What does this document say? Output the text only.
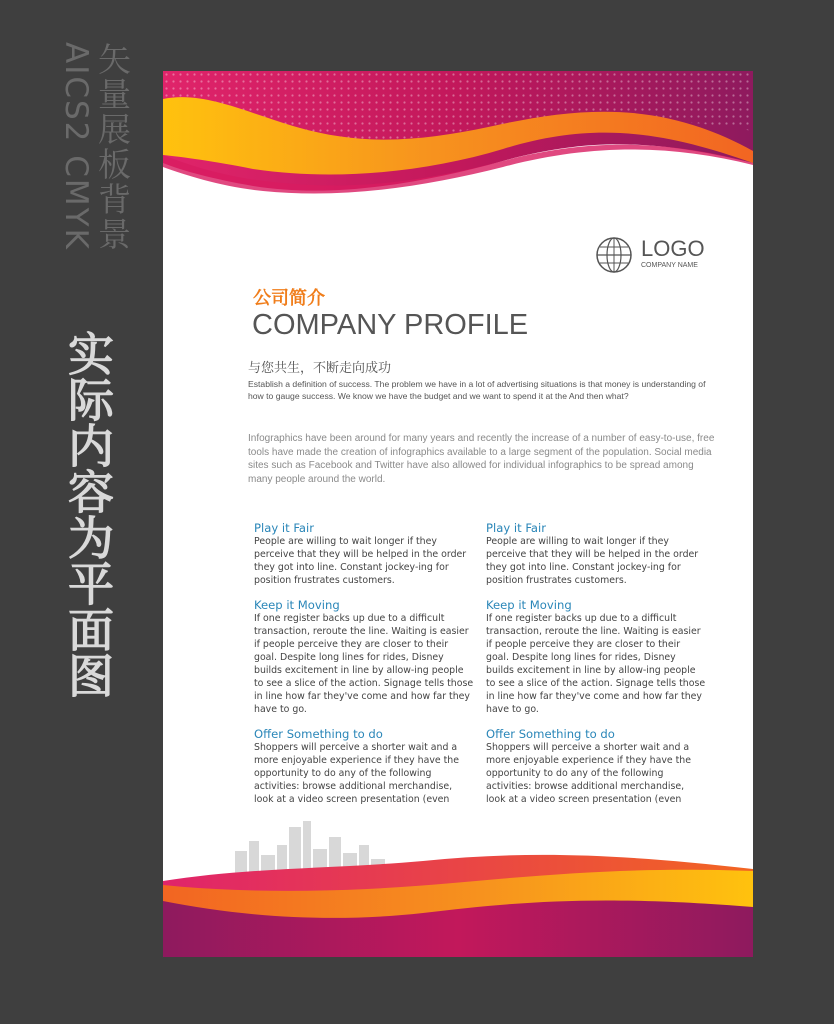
矢量展板背景
AICS2 CMYK
实际内容为平面图
LOGO
COMPANY NAME
公司简介
COMPANY PROFILE
与您共生，不断走向成功
Establish a definition of success. The problem we have in a lot of advertising situations is that money is understanding of how to gauge success. We know we have the budget and we want to spend it at the And then what?
Infographics have been around for many years and recently the increase of a number of easy-to-use, free tools have made the creation of infographics available to a large segment of the population. Social media sites such as Facebook and Twitter have also allowed for individual infographics to be spread among many people around the world.
Play it Fair
People are willing to wait longer if they perceive that they will be helped in the order they got into line. Constant jockey-ing for position frustrates customers.
Keep it Moving
If one register backs up due to a difficult transaction, reroute the line. Waiting is easier if people perceive they are closer to their goal. Despite long lines for rides, Disney builds excitement in line by allow-ing people to see a slice of the action. Signage tells those in line how far they've come and how far they have to go.
Offer Something to do
Shoppers will perceive a shorter wait and a more enjoyable experience if they have the opportunity to do any of the following activities: browse additional merchandise, look at a video screen presentation (even
Play it Fair
People are willing to wait longer if they perceive that they will be helped in the order they got into line. Constant jockey-ing for position frustrates customers.
Keep it Moving
If one register backs up due to a difficult transaction, reroute the line. Waiting is easier if people perceive they are closer to their goal. Despite long lines for rides, Disney builds excitement in line by allow-ing people to see a slice of the action. Signage tells those in line how far they've come and how far they have to go.
Offer Something to do
Shoppers will perceive a shorter wait and a more enjoyable experience if they have the opportunity to do any of the following activities: browse additional merchandise, look at a video screen presentation (even
